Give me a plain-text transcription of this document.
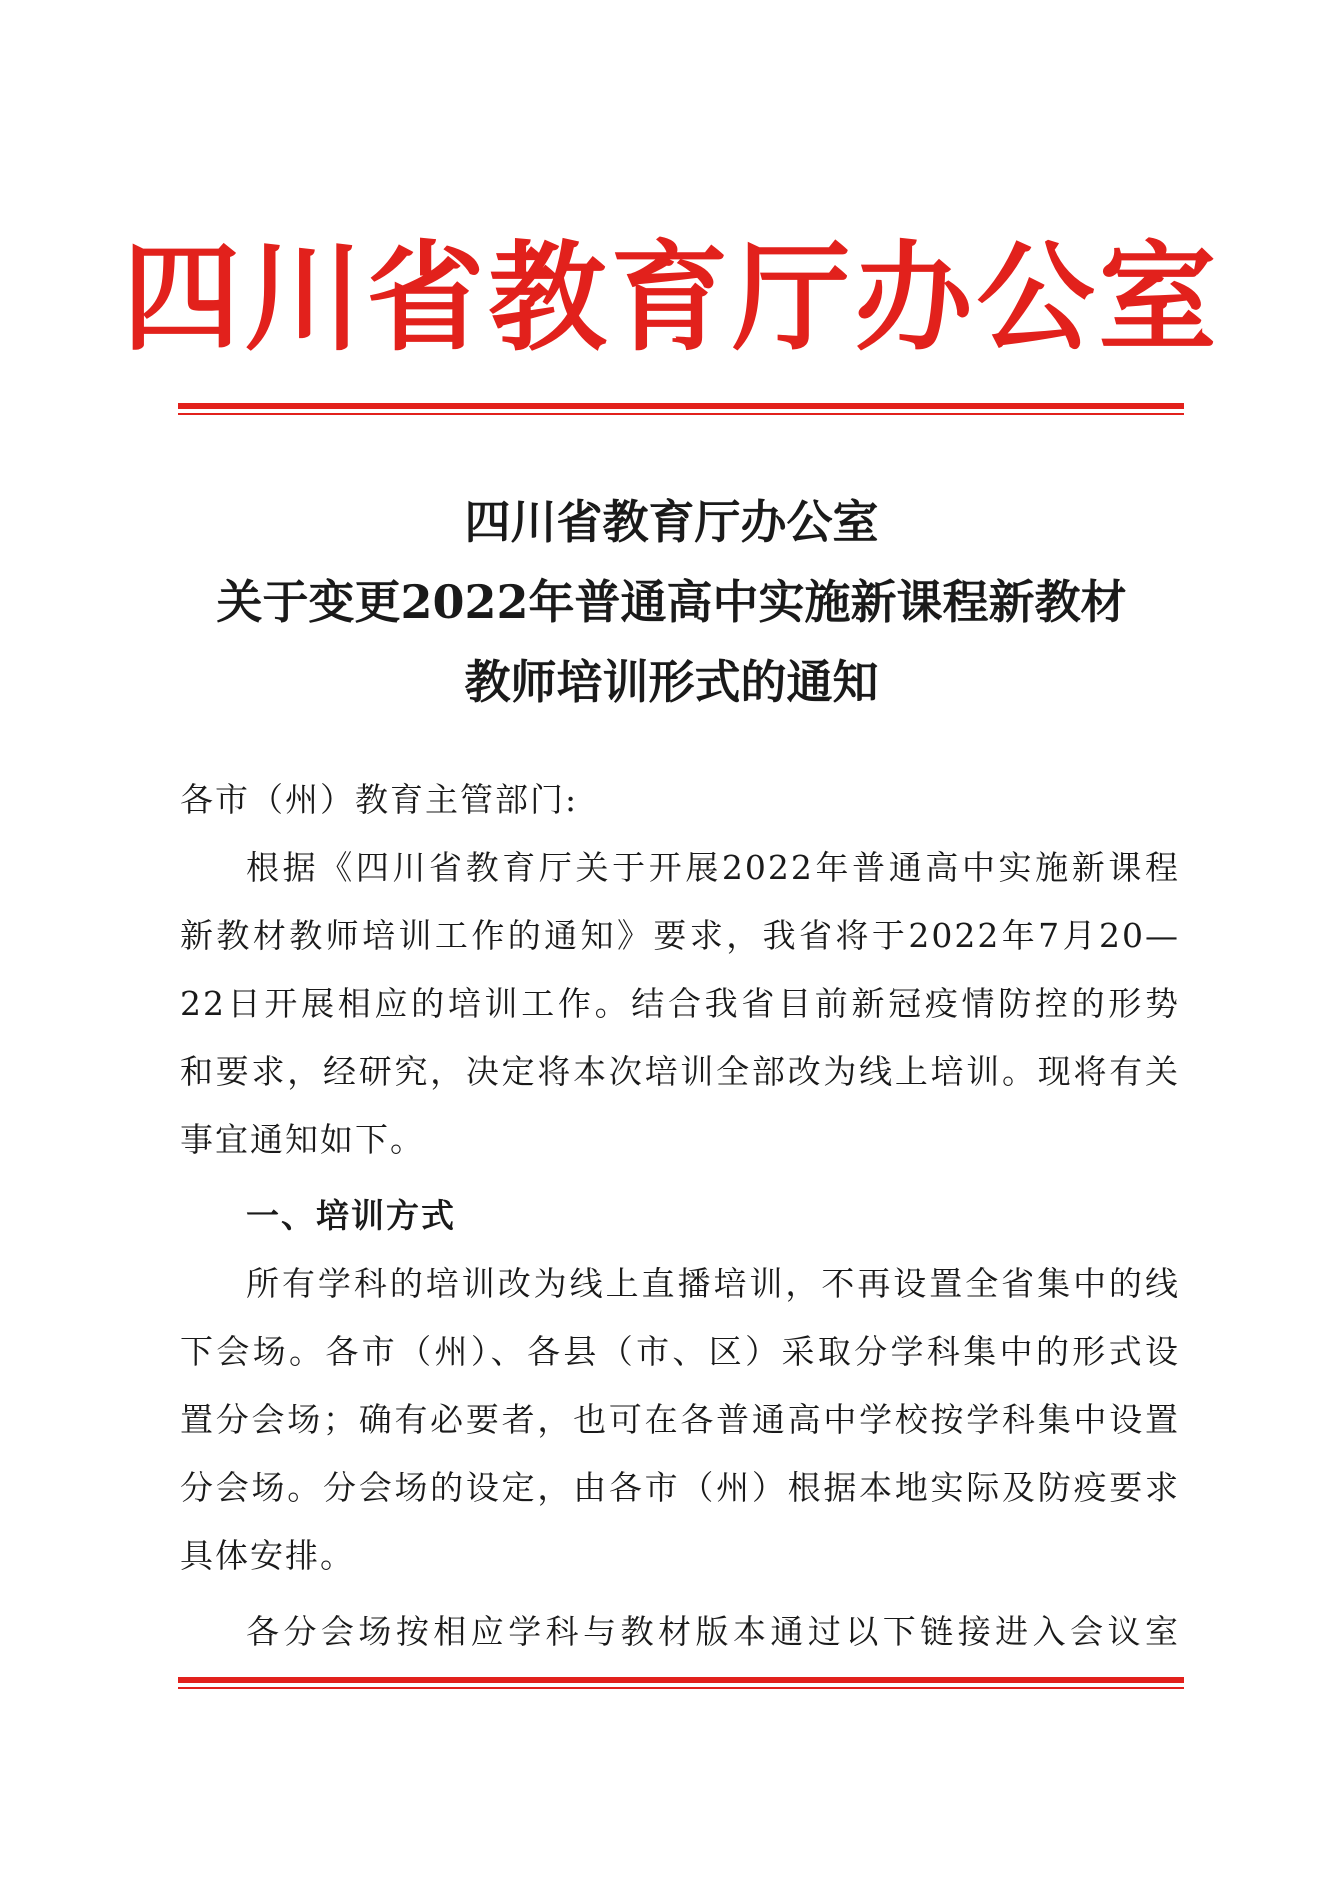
四川省教育厅办公室
四川省教育厅办公室
关于变更2022年普通高中实施新课程新教材
教师培训形式的通知
各市（州）教育主管部门:
根据《四川省教育厅关于开展2022年普通高中实施新课程
新教材教师培训工作的通知》要求，我省将于2022年7月20—
22日开展相应的培训工作。结合我省目前新冠疫情防控的形势
和要求，经研究，决定将本次培训全部改为线上培训。现将有关
事宜通知如下。
一、培训方式
所有学科的培训改为线上直播培训，不再设置全省集中的线
下会场。各市（州）、各县（市、区）采取分学科集中的形式设
置分会场；确有必要者，也可在各普通高中学校按学科集中设置
分会场。分会场的设定，由各市（州）根据本地实际及防疫要求
具体安排。
各分会场按相应学科与教材版本通过以下链接进入会议室
